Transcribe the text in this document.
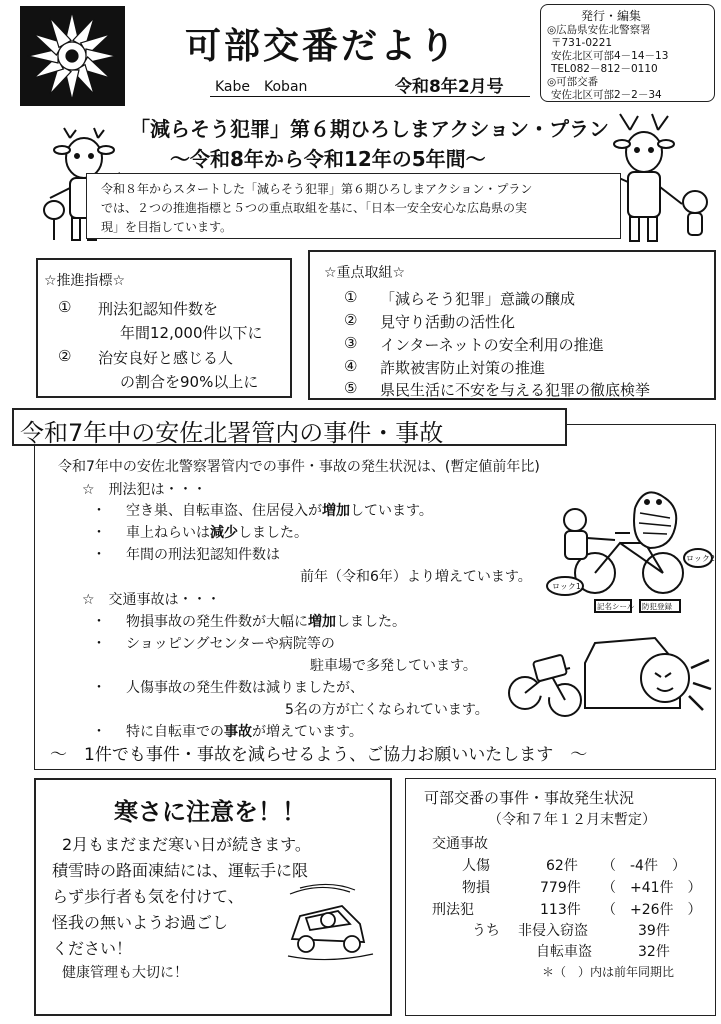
可部交番だより
Kabe　Koban	令和8年2月号
発行・編集
◎広島県安佐北警察署
〒731-0221
安佐北区可部4－14－13
TEL082－812－0110
◎可部交番
安佐北区可部2－2－34
「減らそう犯罪」第６期ひろしまアクション・プラン
～令和8年から令和12年の5年間～
令和８年からスタートした「減らそう犯罪」第６期ひろしまアクション・プラン
では、２つの推進指標と５つの重点取組を基に、「日本一安全安心な広島県の実
現」を目指しています。
☆推進指標☆
① 刑法犯認知件数を
年間12,000件以下に
② 治安良好と感じる人
の割合を90%以上に
☆重点取組☆
① 「減らそう犯罪」意識の醸成
② 見守り活動の活性化
③ インターネットの安全利用の推進
④ 詐欺被害防止対策の推進
⑤ 県民生活に不安を与える犯罪の徹底検挙
令和7年中の安佐北署管内の事件・事故
令和7年中の安佐北警察署管内での事件・事故の発生状況は、(暫定値前年比)
☆　刑法犯は・・・
・ 空き巣、自転車盗、住居侵入が増加しています。
・ 車上ねらいは減少しました。
・ 年間の刑法犯認知件数は
前年（令和6年）より増えています。
☆　交通事故は・・・
・ 物損事故の発生件数が大幅に増加しました。
・ ショッピングセンターや病院等の
駐車場で多発しています。
・ 人傷事故の発生件数は減りましたが、
5名の方が亡くなられています。
・ 特に自転車での事故が増えています。
～　1件でも事件・事故を減らせるよう、ご協力お願いいたします　～
ロック1
ロック2
記名シール 防犯登録
寒さに注意を！！
2月もまだまだ寒い日が続きます。
積雪時の路面凍結には、運転手に限
らず歩行者も気を付けて、
怪我の無いようお過ごし
ください！
健康管理も大切に！
可部交番の事件・事故発生状況
（令和７年１２月末暫定）
交通事故
人傷	62件 （　-4件　）
物損	779件 （　+41件　）
刑法犯	113件 （　+26件　）
うち 非侵入窃盗	39件
自転車盗	32件
＊（　）内は前年同期比
